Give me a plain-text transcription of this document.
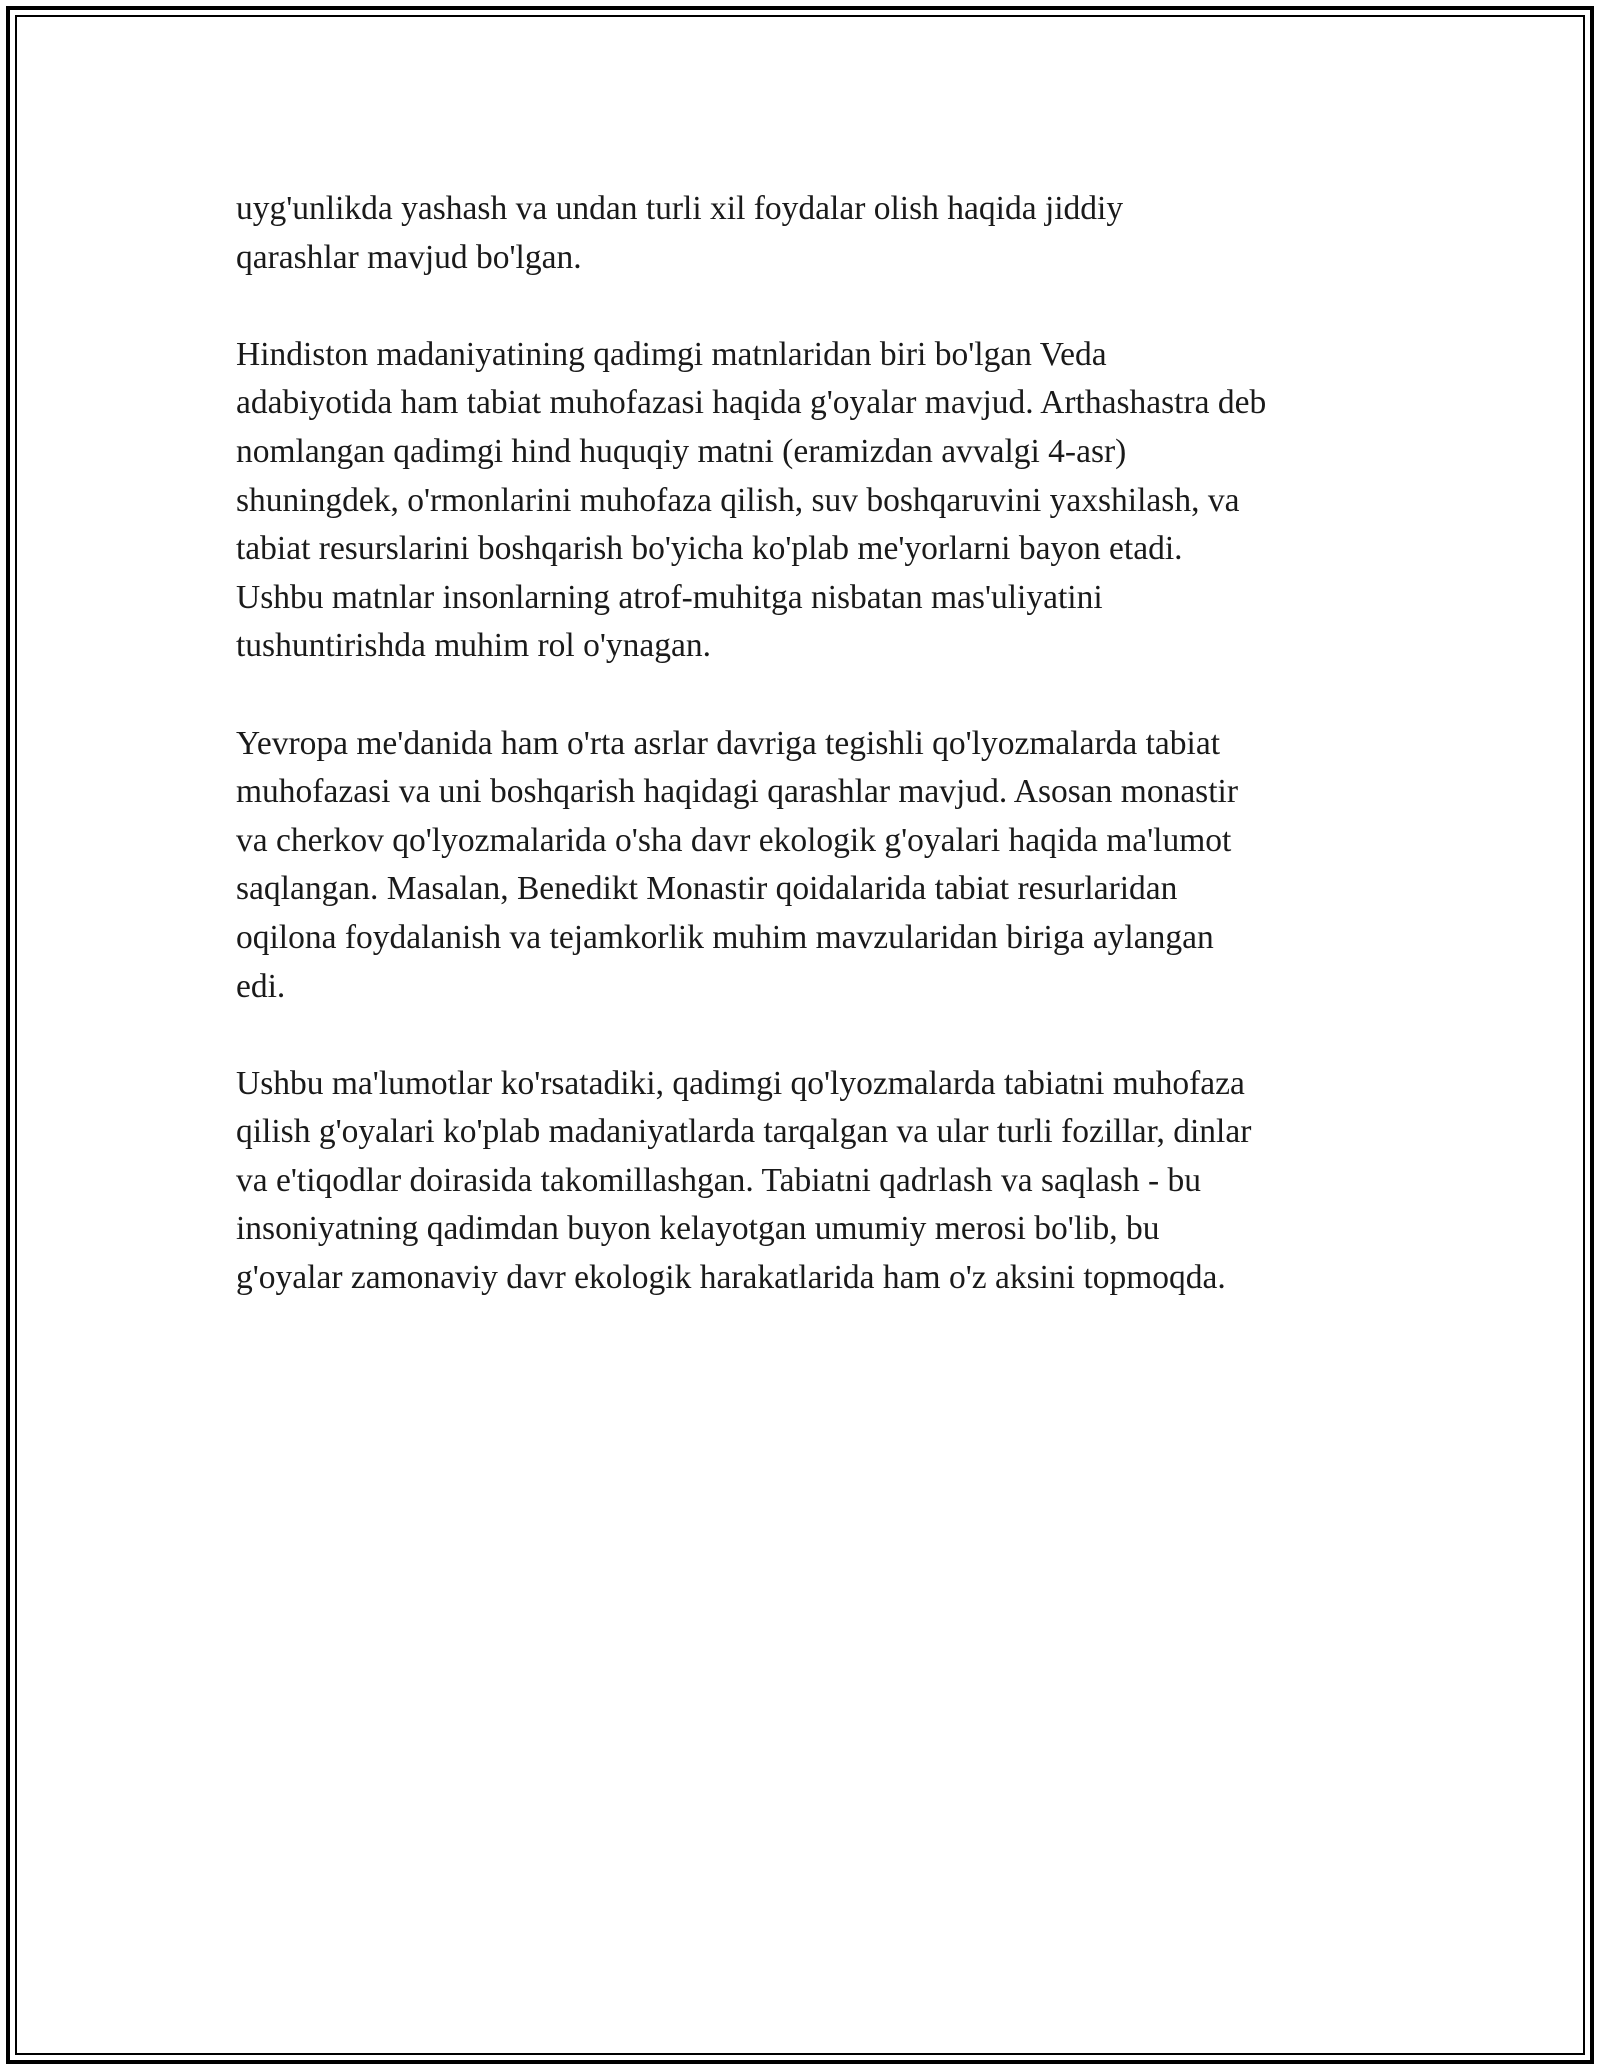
uyg'unlikda yashash va undan turli xil foydalar olish haqida jiddiy
qarashlar mavjud bo'lgan.

Hindiston madaniyatining qadimgi matnlaridan biri bo'lgan Veda
adabiyotida ham tabiat muhofazasi haqida g'oyalar mavjud. Arthashastra deb
nomlangan qadimgi hind huquqiy matni (eramizdan avvalgi 4-asr)
shuningdek, o'rmonlarini muhofaza qilish, suv boshqaruvini yaxshilash, va
tabiat resurslarini boshqarish bo'yicha ko'plab me'yorlarni bayon etadi.
Ushbu matnlar insonlarning atrof-muhitga nisbatan mas'uliyatini
tushuntirishda muhim rol o'ynagan.

Yevropa me'danida ham o'rta asrlar davriga tegishli qo'lyozmalarda tabiat
muhofazasi va uni boshqarish haqidagi qarashlar mavjud. Asosan monastir
va cherkov qo'lyozmalarida o'sha davr ekologik g'oyalari haqida ma'lumot
saqlangan. Masalan, Benedikt Monastir qoidalarida tabiat resurlaridan
oqilona foydalanish va tejamkorlik muhim mavzularidan biriga aylangan
edi.

Ushbu ma'lumotlar ko'rsatadiki, qadimgi qo'lyozmalarda tabiatni muhofaza
qilish g'oyalari ko'plab madaniyatlarda tarqalgan va ular turli fozillar, dinlar
va e'tiqodlar doirasida takomillashgan. Tabiatni qadrlash va saqlash - bu
insoniyatning qadimdan buyon kelayotgan umumiy merosi bo'lib, bu
g'oyalar zamonaviy davr ekologik harakatlarida ham o'z aksini topmoqda.
